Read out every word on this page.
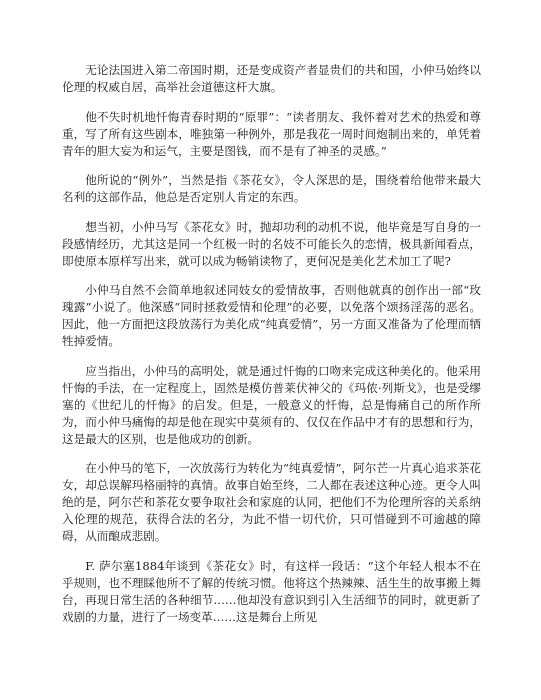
无论法国进入第二帝国时期，还是变成资产者显贵们的共和国，小仲马始终以伦理的权威自居，高举社会道德这杆大旗。

他不失时机地忏悔青春时期的“原罪”：“读者朋友、我怀着对艺术的热爱和尊重，写了所有这些剧本，唯独第一种例外，那是我花一周时间炮制出来的，单凭着青年的胆大妄为和运气，主要是图钱，而不是有了神圣的灵感。”

他所说的“例外”，当然是指《茶花女》，令人深思的是，围绕着给他带来最大名利的这部作品，他总是否定别人肯定的东西。

想当初，小仲马写《茶花女》时，抛却功利的动机不说，他毕竟是写自身的一段感情经历，尤其这是同一个红极一时的名妓不可能长久的恋情，极具新闻看点，即使原本原样写出来，就可以成为畅销读物了，更何况是美化艺术加工了呢?

小仲马自然不会简单地叙述同妓女的爱情故事，否则他就真的创作出一部“玫瑰露”小说了。他深感“同时拯救爱情和伦理”的必要，以免落个颂扬淫荡的恶名。因此，他一方面把这段放荡行为美化成“纯真爱情”，另一方面又准备为了伦理而牺牲掉爱情。

应当指出，小仲马的高明处，就是通过忏悔的口吻来完成这种美化的。他采用忏悔的手法，在一定程度上，固然是模仿普莱伏神父的《玛侬·列斯戈》，也是受缪塞的《世纪儿的忏悔》的启发。但是，一般意义的忏悔，总是悔痛自己的所作所为，而小仲马痛悔的却是他在现实中莫须有的、仅仅在作品中才有的思想和行为，这是最大的区别，也是他成功的创新。

在小仲马的笔下，一次放荡行为转化为“纯真爱情”，阿尔芒一片真心追求茶花女，却总误解玛格丽特的真情。故事自始至终，二人都在表述这种心迹。更令人叫绝的是，阿尔芒和茶花女要争取社会和家庭的认同，把他们不为伦理所容的关系纳入伦理的规范，获得合法的名分，为此不惜一切代价，只可惜碰到不可逾越的障碍，从而酿成悲剧。

F. 萨尔塞1884年谈到《茶花女》时，有这样一段话：“这个年轻人根本不在乎规则，也不理睬他所不了解的传统习惯。他将这个热辣辣、活生生的故事搬上舞台，再现日常生活的各种细节……他却没有意识到引入生活细节的同时，就更新了戏剧的力量，进行了一场变革……这是舞台上所见
